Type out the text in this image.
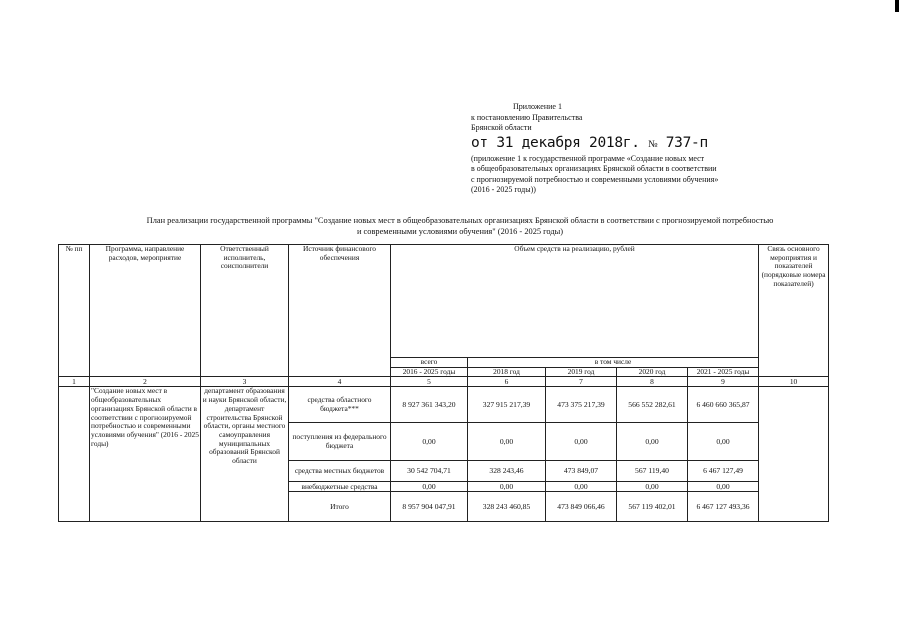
Приложение 1
к постановлению Правительства
Брянской области
от 31 декабря 2018г. № 737-п
(приложение 1 к государственной программе «Создание новых мест
в общеобразовательных организациях Брянской области в соответствии
с прогнозируемой потребностью и современными условиями обучения»
(2016 - 2025 годы))
План реализации государственной программы "Создание новых мест в общеобразовательных организациях Брянской области в соответствии с прогнозируемой потребностью
и современными условиями обучения" (2016 - 2025 годы)
№ пп	Программа, направление расходов, мероприятие	Ответственный исполнитель, соисполнители	Источник финансового обеспечения	Объем средств на реализацию, рублей					Связь основного мероприятия и показателей (порядковые номера показателей)
				всего	в том числе				
				2016 - 2025 годы	2018 год	2019 год	2020 год	2021 - 2025 годы	
1	2	3	4	5	6	7	8	9	10
	"Создание новых мест в общеобразовательных организациях Брянской области в соответствии с прогнозируемой потребностью и современными условиями обучения" (2016 - 2025 годы)	департамент образования и науки Брянской области, департамент строительства Брянской области, органы местного самоуправления муниципальных образований Брянской области	средства областного бюджета***	8 927 361 343,20	327 915 217,39	473 375 217,39	566 552 282,61	6 460 660 365,87	
			поступления из федерального бюджета	0,00	0,00	0,00	0,00	0,00	
			средства местных бюджетов	30 542 704,71	328 243,46	473 849,07	567 119,40	6 467 127,49	
			внебюджетные средства	0,00	0,00	0,00	0,00	0,00	
			Итого	8 957 904 047,91	328 243 460,85	473 849 066,46	567 119 402,01	6 467 127 493,36	
